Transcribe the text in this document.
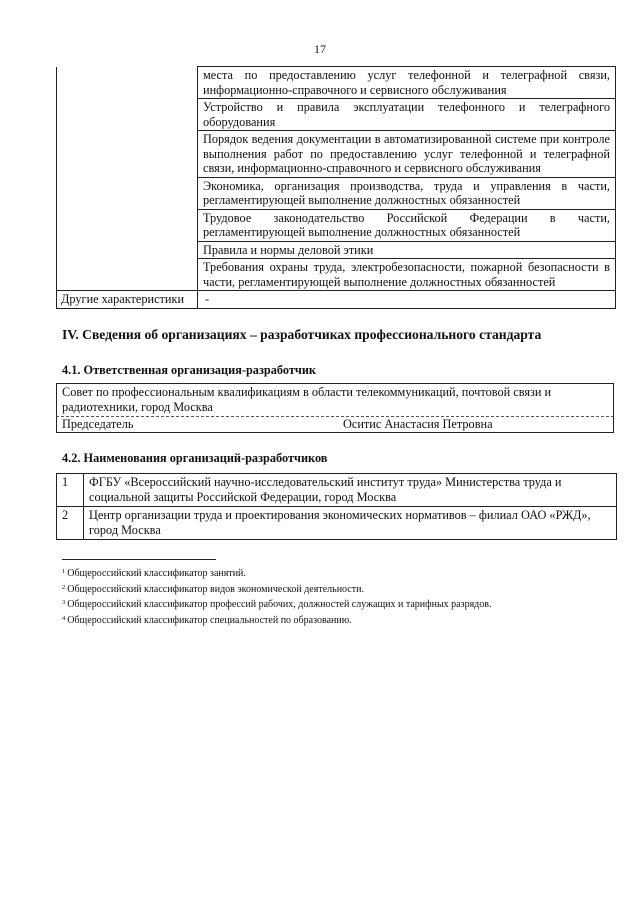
17
	места по предоставлению услуг телефонной и телеграфной связи, информационно-справочного и сервисного обслуживания
	Устройство и правила эксплуатации телефонного и телеграфного оборудования
	Порядок ведения документации в автоматизированной системе при контроле выполнения работ по предоставлению услуг телефонной и телеграфной связи, информационно-справочного и сервисного обслуживания
	Экономика, организация производства, труда и управления в части, регламентирующей выполнение должностных обязанностей
	Трудовое законодательство Российской Федерации в части, регламентирующей выполнение должностных обязанностей
	Правила и нормы деловой этики
	Требования охраны труда, электробезопасности, пожарной безопасности в части, регламентирующей выполнение должностных обязанностей
Другие характеристики	-
IV. Сведения об организациях – разработчиках профессионального стандарта
4.1. Ответственная организация-разработчик
Совет по профессиональным квалификациям в области телекоммуникаций, почтовой связи и радиотехники, город Москва
Председатель	Оситис Анастасия Петровна
4.2. Наименования организаций-разработчиков
1	ФГБУ «Всероссийский научно-исследовательский институт труда» Министерства труда и социальной защиты Российской Федерации, город Москва
2	Центр организации труда и проектирования экономических нормативов – филиал ОАО «РЖД», город Москва
$^1$ Общероссийский классификатор занятий.
$^2$ Общероссийский классификатор видов экономической деятельности.
$^3$ Общероссийский классификатор профессий рабочих, должностей служащих и тарифных разрядов.
$^4$ Общероссийский классификатор специальностей по образованию.
